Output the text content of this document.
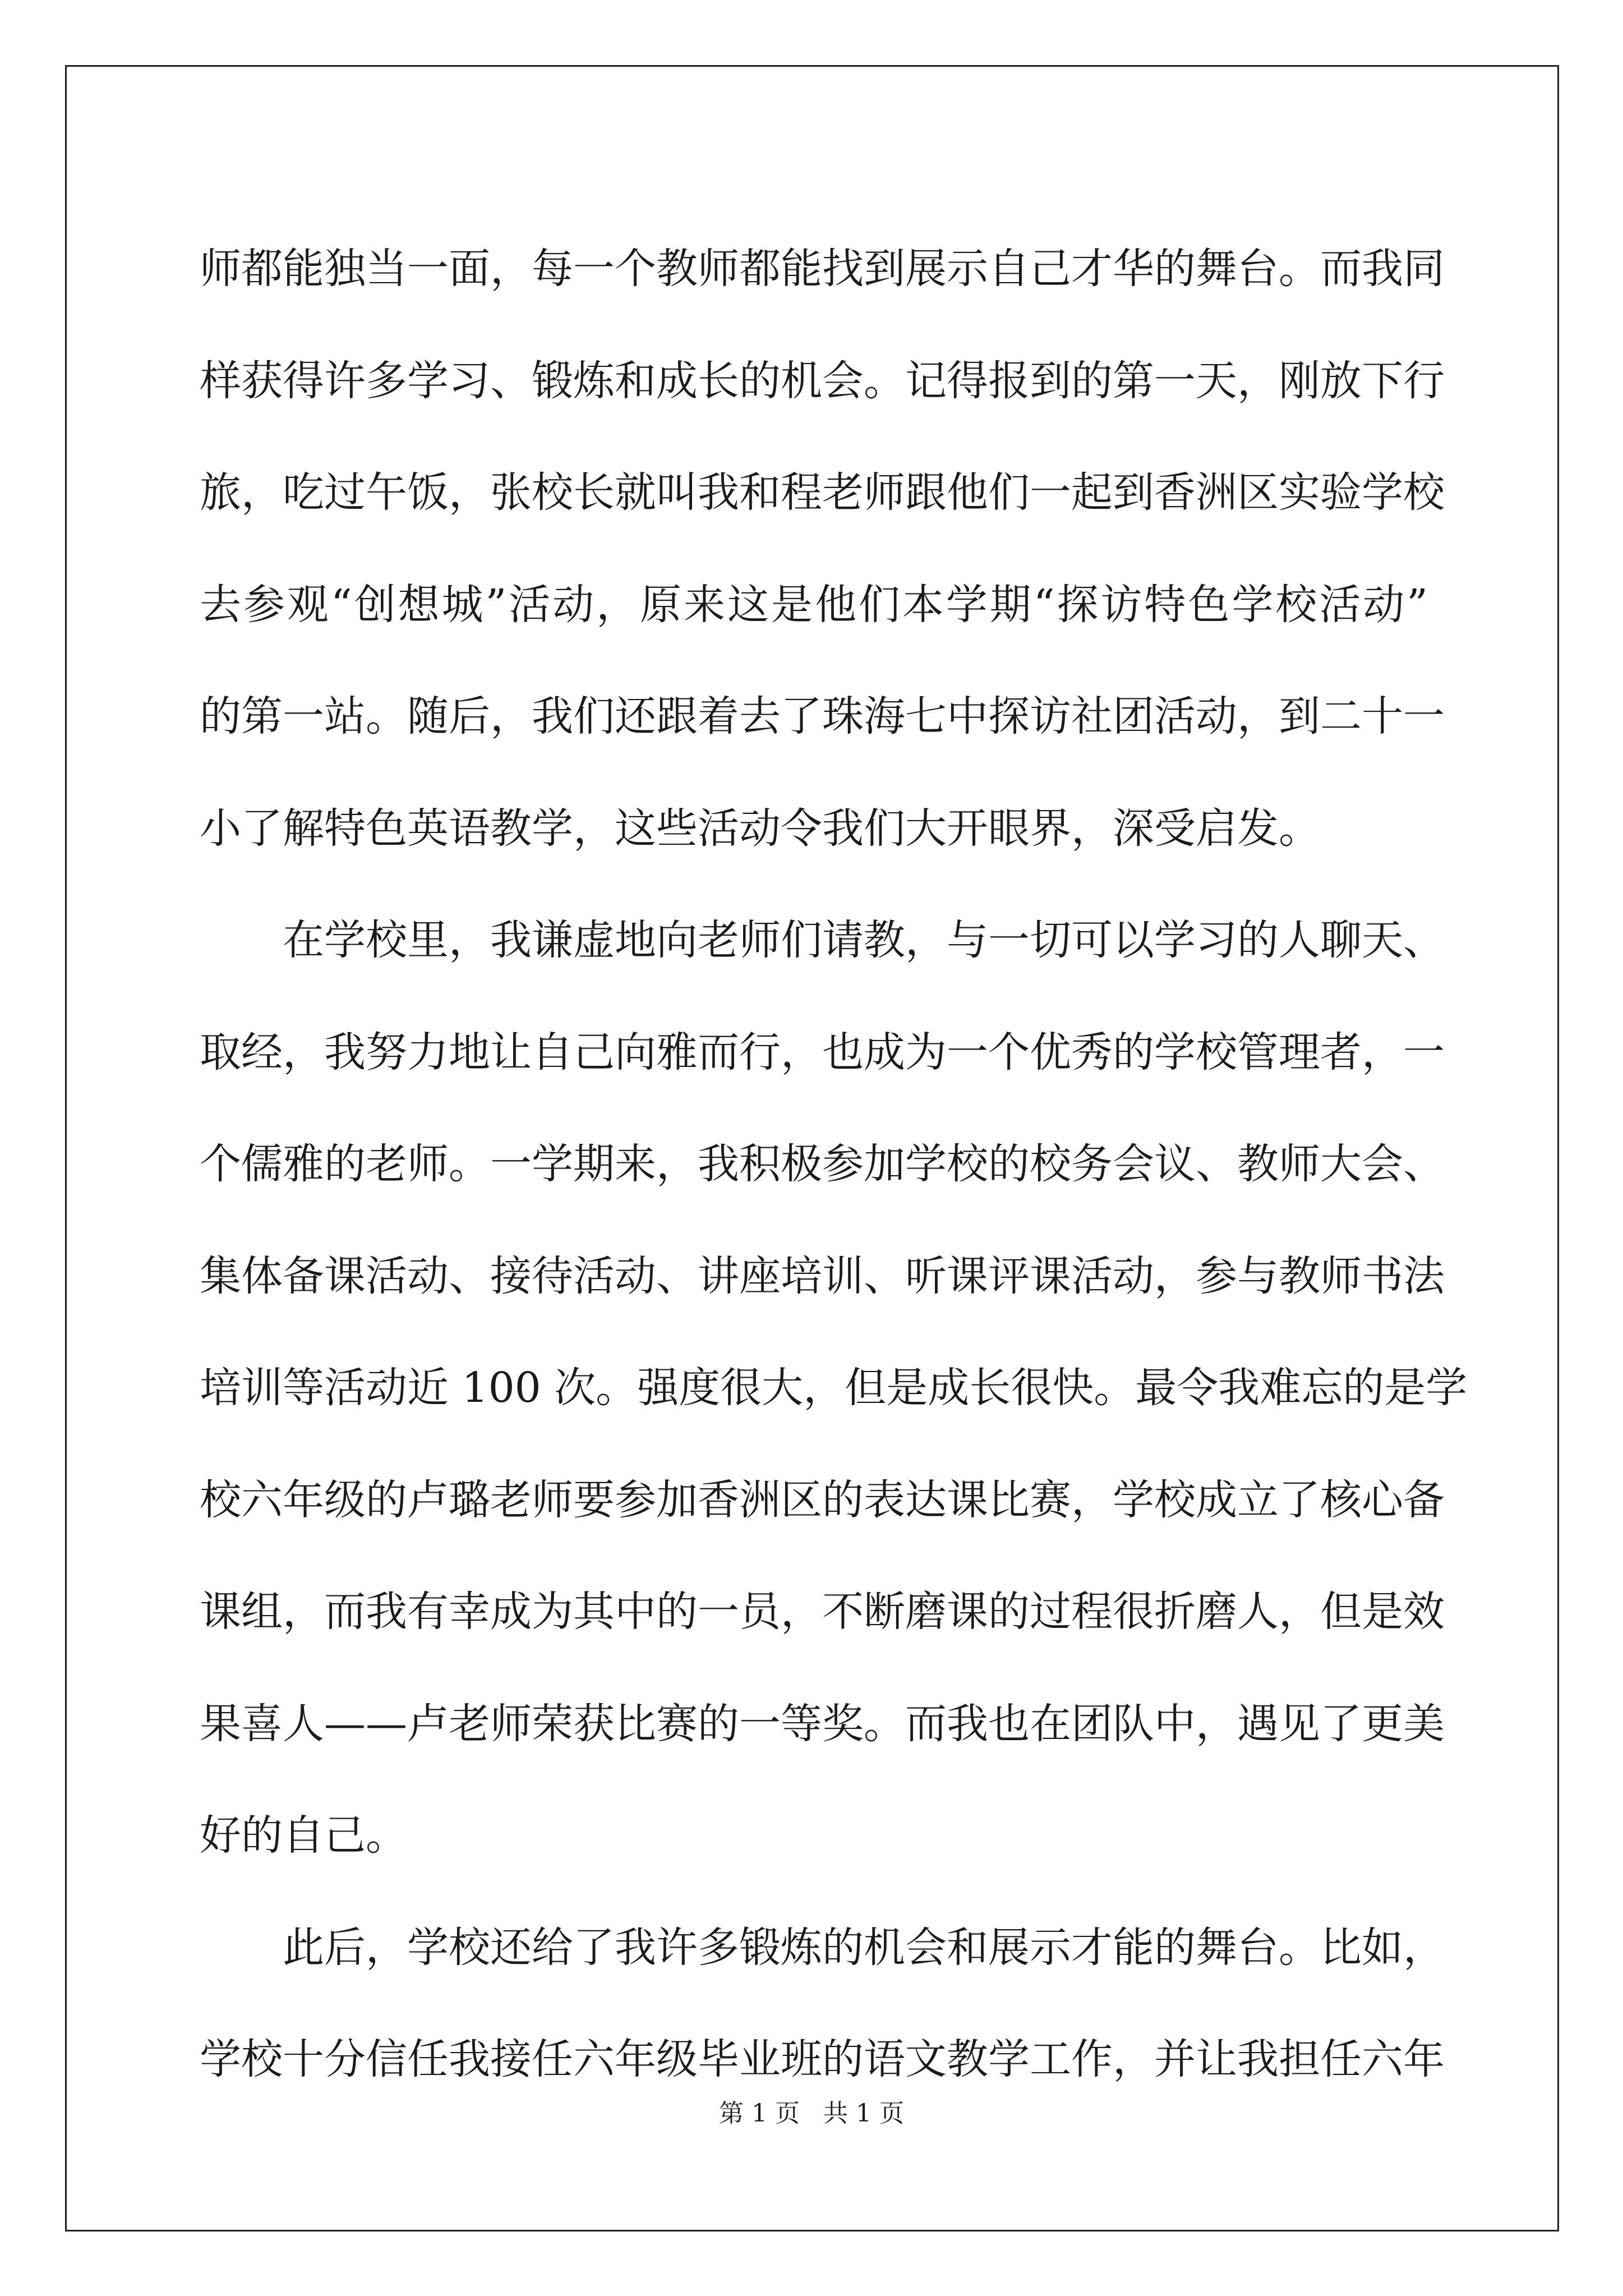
师都能独当一面，每一个教师都能找到展示自己才华的舞台。而我同
样获得许多学习、锻炼和成长的机会。记得报到的第一天，刚放下行
旅，吃过午饭，张校长就叫我和程老师跟他们一起到香洲区实验学校
去参观“创想城”活动，原来这是他们本学期“探访特色学校活动”
的第一站。随后，我们还跟着去了珠海七中探访社团活动，到二十一
小了解特色英语教学，这些活动令我们大开眼界，深受启发。
在学校里，我谦虚地向老师们请教，与一切可以学习的人聊天、
取经，我努力地让自己向雅而行，也成为一个优秀的学校管理者，一
个儒雅的老师。一学期来，我积极参加学校的校务会议、教师大会、
集体备课活动、接待活动、讲座培训、听课评课活动，参与教师书法
培训等活动近 100 次。强度很大，但是成长很快。最令我难忘的是学
校六年级的卢璐老师要参加香洲区的表达课比赛，学校成立了核心备
课组，而我有幸成为其中的一员，不断磨课的过程很折磨人，但是效
果喜人——卢老师荣获比赛的一等奖。而我也在团队中，遇见了更美
好的自己。
此后，学校还给了我许多锻炼的机会和展示才能的舞台。比如，
学校十分信任我接任六年级毕业班的语文教学工作，并让我担任六年
第 1 页   共 1 页
